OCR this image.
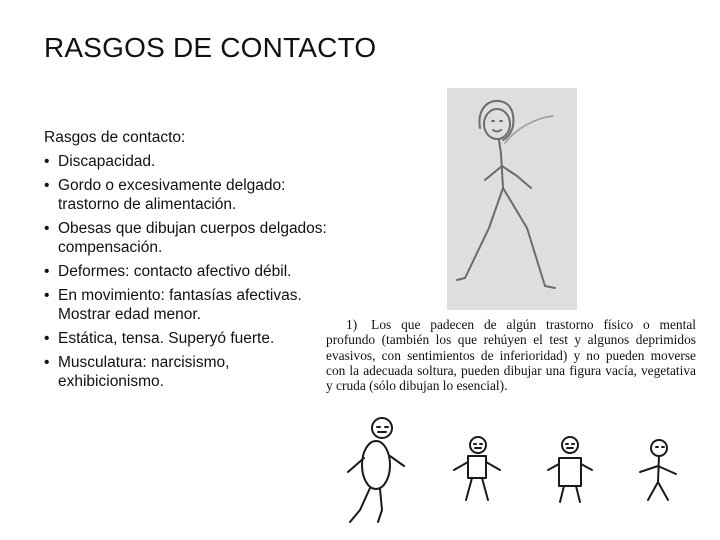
RASGOS DE CONTACTO

Rasgos de contacto:

• Discapacidad.
• Gordo o excesivamente delgado: trastorno de alimentación.
• Obesas que dibujan cuerpos delgados: compensación.
• Deformes: contacto afectivo débil.
• En movimiento: fantasías afectivas. Mostrar edad menor.
• Estática, tensa. Superyó fuerte.
• Musculatura: narcisismo, exhibicionismo.
1) Los que padecen de algún trastorno físico o mental profundo (también los que rehúyen el test y algunos deprimidos evasivos, con sentimientos de inferioridad) y no pueden moverse con la adecuada soltura, pueden dibujar una figura vacía, vegetativa y cruda (sólo dibujan lo esencial).
